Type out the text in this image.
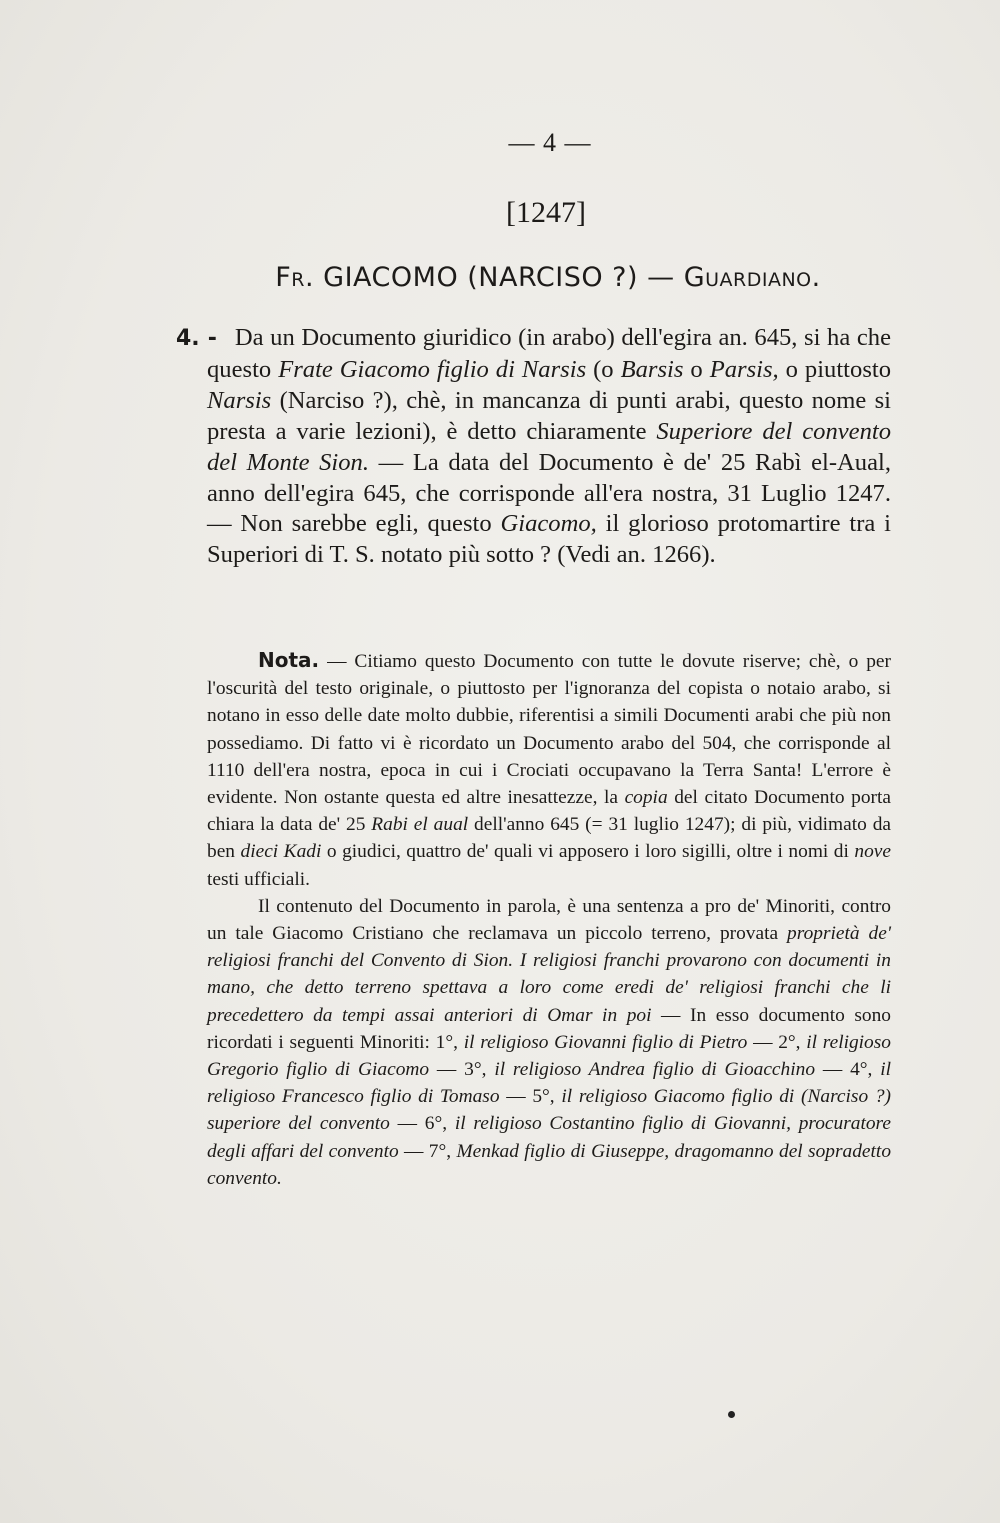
— 4 —
[1247]
Fr. GIACOMO (NARCISO ?) — Guardiano.

4. - Da un Documento giuridico (in arabo) dell'egira an. 645, si ha che questo Frate Giacomo figlio di Narsis (o Barsis o Parsis, o piuttosto Narsis (Narciso ?), chè, in mancanza di punti arabi, questo nome si presta a varie lezioni), è detto chiaramente Superiore del convento del Monte Sion. — La data del Documento è de' 25 Rabì el-Aual, anno dell'egira 645, che corrisponde all'era nostra, 31 Luglio 1247. — Non sarebbe egli, questo Giacomo, il glorioso protomartire tra i Superiori di T. S. notato più sotto ? (Vedi an. 1266).

Nota. — Citiamo questo Documento con tutte le dovute riserve; chè, o per l'oscurità del testo originale, o piuttosto per l'ignoranza del copista o notaio arabo, si notano in esso delle date molto dubbie, riferentisi a simili Documenti arabi che più non possediamo. Di fatto vi è ricordato un Documento arabo del 504, che corrisponde al 1110 dell'era nostra, epoca in cui i Crociati occupavano la Terra Santa! L'errore è evidente. Non ostante questa ed altre inesattezze, la copia del citato Documento porta chiara la data de' 25 Rabi el aual dell'anno 645 (= 31 luglio 1247); di più, vidimato da ben dieci Kadi o giudici, quattro de' quali vi apposero i loro sigilli, oltre i nomi di nove testi ufficiali.

Il contenuto del Documento in parola, è una sentenza a pro de' Minoriti, contro un tale Giacomo Cristiano che reclamava un piccolo terreno, provata proprietà de' religiosi franchi del Convento di Sion. I religiosi franchi provarono con documenti in mano, che detto terreno spettava a loro come eredi de' religiosi franchi che li precedettero da tempi assai anteriori di Omar in poi — In esso documento sono ricordati i seguenti Minoriti: 1°, il religioso Giovanni figlio di Pietro — 2°, il religioso Gregorio figlio di Giacomo — 3°, il religioso Andrea figlio di Gioacchino — 4°, il religioso Francesco figlio di Tomaso — 5°, il religioso Giacomo figlio di (Narciso ?) superiore del convento — 6°, il religioso Costantino figlio di Giovanni, procuratore degli affari del convento — 7°, Menkad figlio di Giuseppe, dragomanno del sopradetto convento.
